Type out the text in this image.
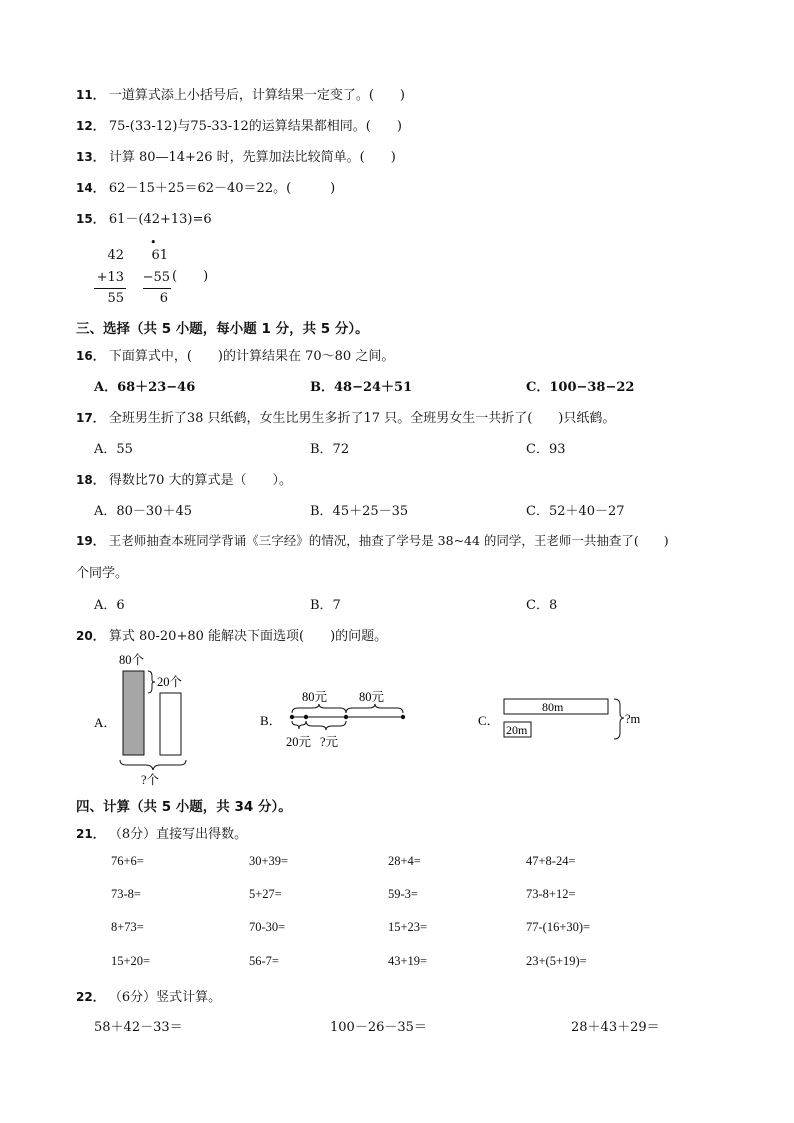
11． 一道算式添上小括号后，计算结果一定变了。(　　)
12． 75-(33-12)与75-33-12的运算结果都相同。(　　)
13． 计算 80—14+26 时，先算加法比较简单。(　　)
14． 62－15＋25＝62－40＝22。(　　　)
15． 61－(42+13)=6
42
+13
55
•
61
−55
6
(　　)
三、选择（共 5 小题，每小题 1 分，共 5 分）。
16． 下面算式中，(　　)的计算结果在 70～80 之间。
A．68＋23−46	B．48−24＋51	C．100−38−22
17． 全班男生折了38 只纸鹤，女生比男生多折了17 只。全班男女生一共折了(　　)只纸鹤。
A．55	B．72	C．93
18． 得数比70 大的算式是（　　）。
A．80－30＋45	B．45＋25－35	C．52＋40－27
19． 王老师抽查本班同学背诵《三字经》的情况，抽查了学号是 38~44 的同学，王老师一共抽查了(　　)
个同学。
A．6	B．7	C．8
20． 算式 80-20+80 能解决下面选项(　　)的问题。
A．
80个
20个
?个
B．
80元	80元
20元 ?元
C．
80m
20m
?m
四、计算（共 5 小题，共 34 分）。
21． （8分）直接写出得数。
76+6=	30+39=	28+4=	47+8-24=
73-8=	5+27=	59-3=	73-8+12=
8+73=	70-30=	15+23=	77-(16+30)=
15+20=	56-7=	43+19=	23+(5+19)=
22． （6分）竖式计算。
58＋42－33＝	100－26－35＝	28＋43＋29＝
